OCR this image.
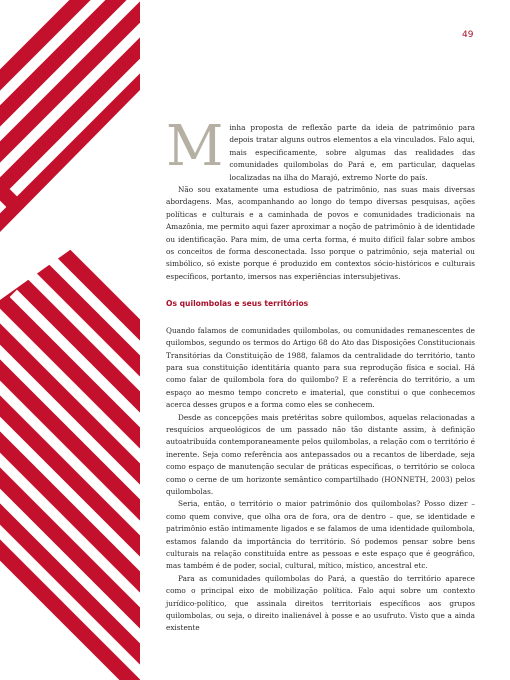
49
M inha proposta de reflexão parte da ideia de patrimônio para depois tratar alguns outros elementos a ela vinculados. Falo aqui, mais especificamente, sobre algumas das realidades das comunidades quilombolas do Pará e, em particular, daquelas localizadas na ilha do Marajó, extremo Norte do país.

Não sou exatamente uma estudiosa de patrimônio, nas suas mais diversas abordagens. Mas, acompanhando ao longo do tempo diversas pesquisas, ações políticas e culturais e a caminhada de povos e comunidades tradicionais na Amazônia, me permito aqui fazer aproximar a noção de patrimônio à de identidade ou identificação. Para mim, de uma certa forma, é muito difícil falar sobre ambos os conceitos de forma desconectada. Isso porque o patrimônio, seja material ou simbólico, só existe porque é produzido em contextos sócio-históricos e culturais específicos, portanto, imersos nas experiências intersubjetivas.

Os quilombolas e seus territórios

Quando falamos de comunidades quilombolas, ou comunidades remanescentes de quilombos, segundo os termos do Artigo 68 do Ato das Disposições Constitucionais Transitórias da Constituição de 1988, falamos da centralidade do território, tanto para sua constituição identitária quanto para sua reprodução física e social. Há como falar de quilombola fora do quilombo? E a referência do território, a um espaço ao mesmo tempo concreto e imaterial, que constitui o que conhecemos acerca desses grupos e a forma como eles se conhecem.

Desde as concepções mais pretéritas sobre quilombos, aquelas relacionadas a resquícios arqueológicos de um passado não tão distante assim, à definição autoatribuída contemporaneamente pelos quilombolas, a relação com o território é inerente. Seja como referência aos antepassados ou a recantos de liberdade, seja como espaço de manutenção secular de práticas específicas, o território se coloca como o cerne de um horizonte semântico compartilhado (HONNETH, 2003) pelos quilombolas.

Seria, então, o território o maior patrimônio dos quilombolas? Posso dizer – como quem convive, que olha ora de fora, ora de dentro – que, se identidade e patrimônio estão intimamente ligados e se falamos de uma identidade quilombola, estamos falando da importância do território. Só podemos pensar sobre bens culturais na relação constituída entre as pessoas e este espaço que é geográfico, mas também é de poder, social, cultural, mítico, místico, ancestral etc.

Para as comunidades quilombolas do Pará, a questão do território aparece como o principal eixo de mobilização política. Falo aqui sobre um contexto jurídico-político, que assinala direitos territoriais específicos aos grupos quilombolas, ou seja, o direito inalienável à posse e ao usufruto. Visto que a ainda existente
